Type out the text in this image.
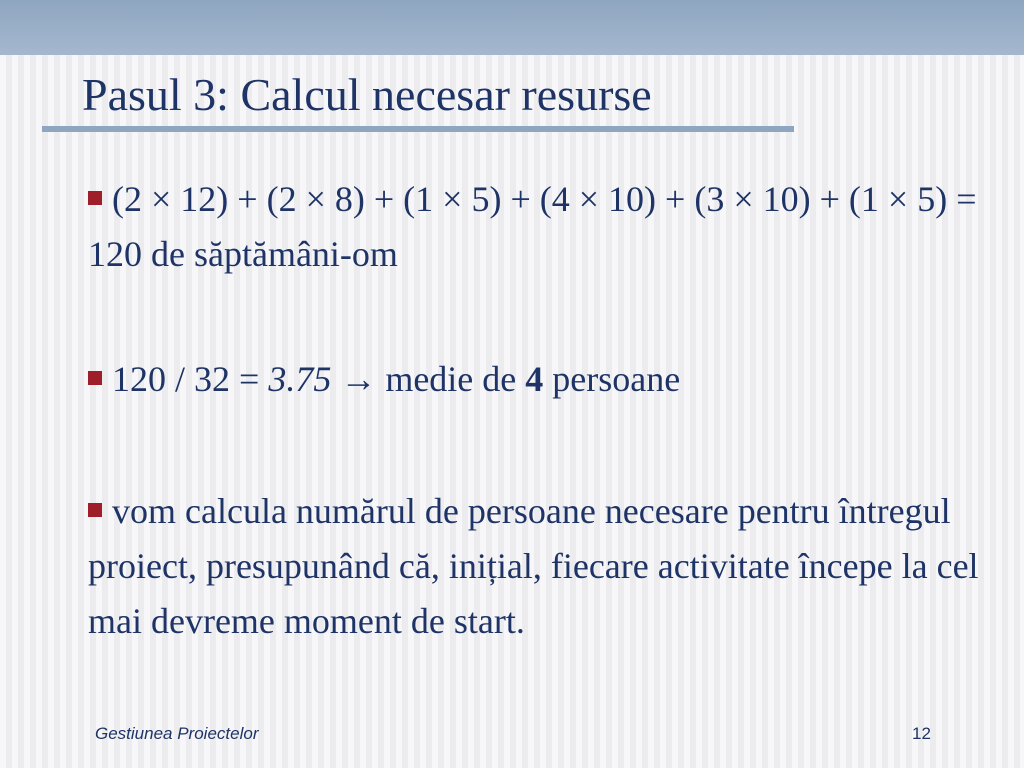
Pasul 3: Calcul necesar resurse
(2 × 12) + (2 × 8) + (1 × 5) + (4 × 10) + (3 × 10) + (1 × 5) = 120 de săptămâni-om
120 / 32 = 3.75 → medie de 4 persoane
vom calcula numărul de persoane necesare pentru întregul proiect, presupunând că, inițial, fiecare activitate începe la cel mai devreme moment de start.
Gestiunea Proiectelor	12
